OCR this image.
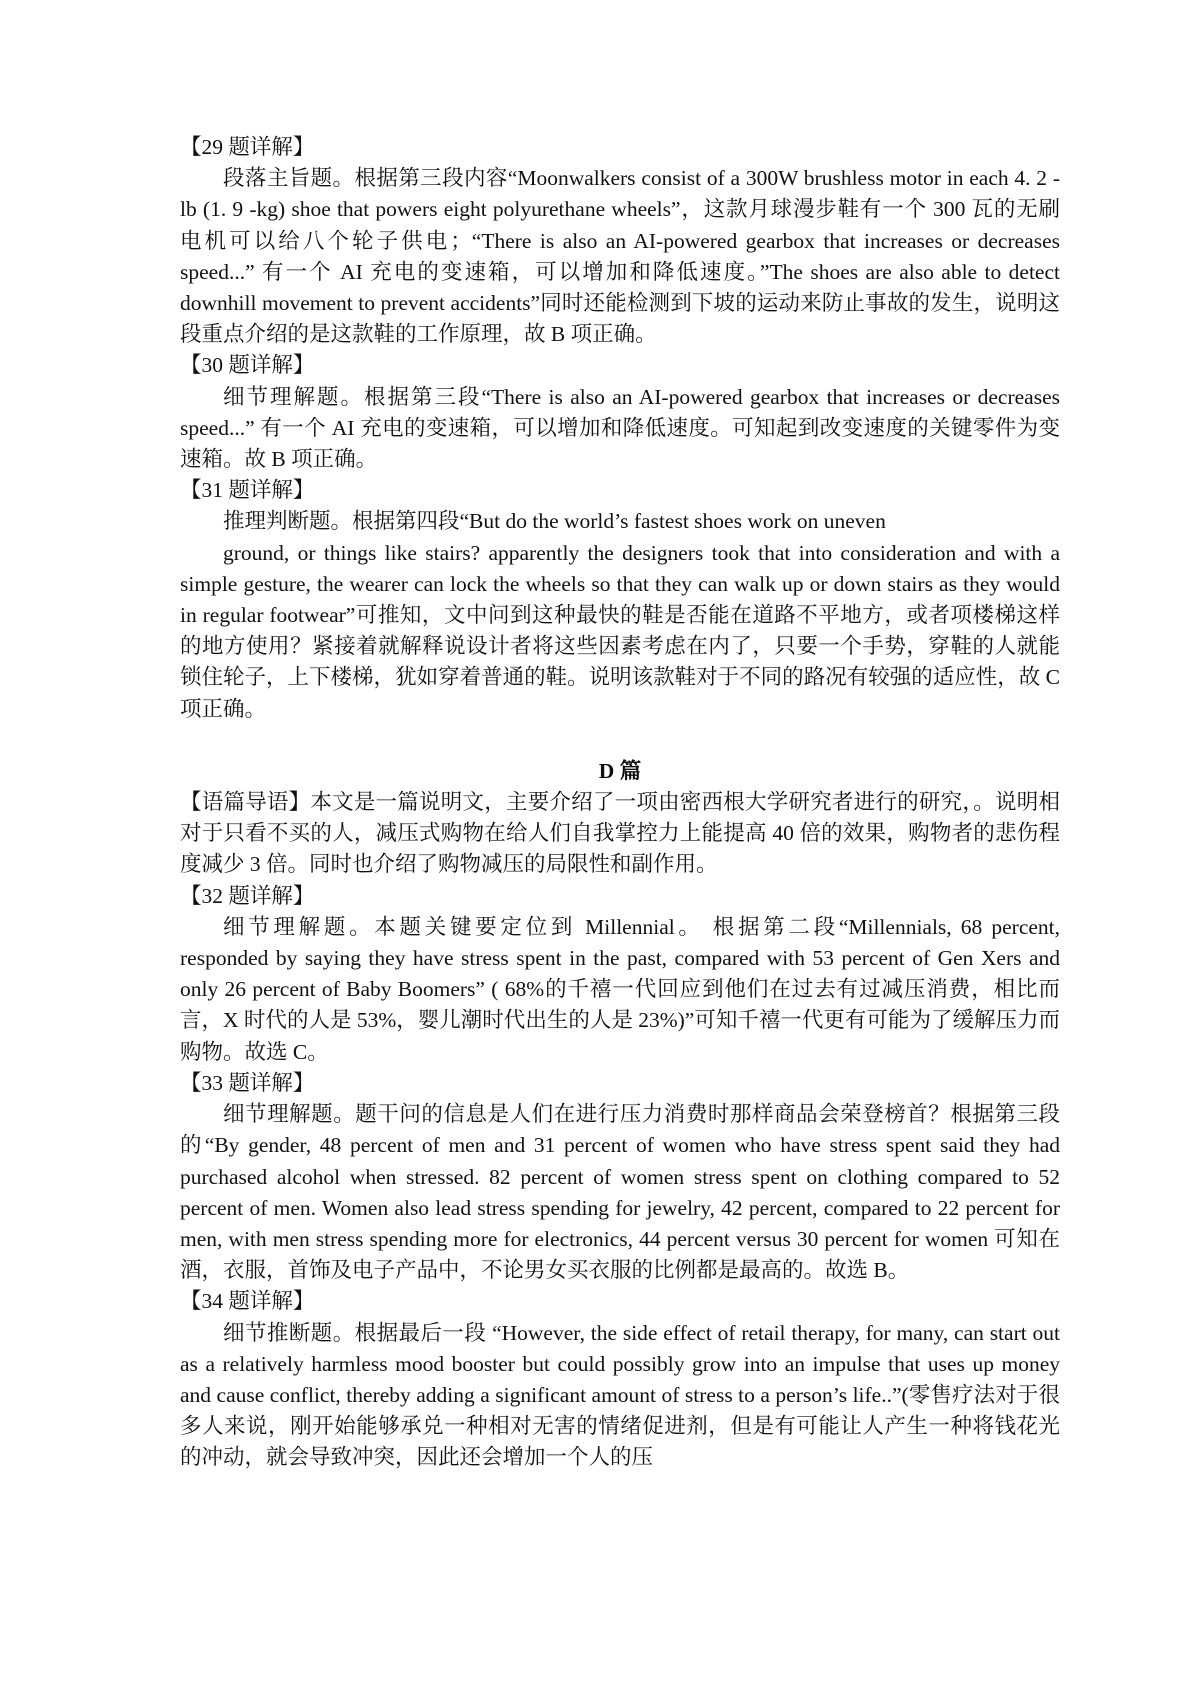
【29 题详解】

段落主旨题。根据第三段内容“Moonwalkers consist of a 300W brushless motor in each 4. 2 -lb (1. 9 -kg) shoe that powers eight polyurethane wheels”，这款月球漫步鞋有一个 300 瓦的无刷电机可以给八个轮子供电；“There is also an AI-powered gearbox that increases or decreases speed...” 有一个 AI 充电的变速箱，可以增加和降低速度。”The shoes are also able to detect downhill movement to prevent accidents”同时还能检测到下坡的运动来防止事故的发生，说明这段重点介绍的是这款鞋的工作原理，故 B 项正确。

【30 题详解】

细节理解题。根据第三段“There is also an AI-powered gearbox that increases or decreases speed...” 有一个 AI 充电的变速箱，可以增加和降低速度。可知起到改变速度的关键零件为变速箱。故 B 项正确。

【31 题详解】

推理判断题。根据第四段“But do the world’s fastest shoes work on uneven

ground, or things like stairs? apparently the designers took that into consideration and with a simple gesture, the wearer can lock the wheels so that they can walk up or down stairs as they would in regular footwear”可推知，文中问到这种最快的鞋是否能在道路不平地方，或者项楼梯这样的地方使用？紧接着就解释说设计者将这些因素考虑在内了，只要一个手势，穿鞋的人就能锁住轮子，上下楼梯，犹如穿着普通的鞋。说明该款鞋对于不同的路况有较强的适应性，故 C 项正确。

D 篇

【语篇导语】本文是一篇说明文，主要介绍了一项由密西根大学研究者进行的研究，。说明相对于只看不买的人，减压式购物在给人们自我掌控力上能提高 40 倍的效果，购物者的悲伤程度减少 3 倍。同时也介绍了购物减压的局限性和副作用。

【32 题详解】

细节理解题。本题关键要定位到 Millennial。 根据第二段“Millennials, 68 percent, responded by saying they have stress spent in the past, compared with 53 percent of Gen Xers and only 26 percent of Baby Boomers” ( 68%的千禧一代回应到他们在过去有过减压消费，相比而言，X 时代的人是 53%，婴儿潮时代出生的人是 23%)”可知千禧一代更有可能为了缓解压力而购物。故选 C。

【33 题详解】

细节理解题。题干问的信息是人们在进行压力消费时那样商品会荣登榜首？根据第三段的“By gender, 48 percent of men and 31 percent of women who have stress spent said they had purchased alcohol when stressed. 82 percent of women stress spent on clothing compared to 52 percent of men. Women also lead stress spending for jewelry, 42 percent, compared to 22 percent for men, with men stress spending more for electronics, 44 percent versus 30 percent for women 可知在酒，衣服，首饰及电子产品中，不论男女买衣服的比例都是最高的。故选 B。

【34 题详解】

细节推断题。根据最后一段 “However, the side effect of retail therapy, for many, can start out as a relatively harmless mood booster but could possibly grow into an impulse that uses up money and cause conflict, thereby adding a significant amount of stress to a person’s life..”(零售疗法对于很多人来说，刚开始能够承兑一种相对无害的情绪促进剂，但是有可能让人产生一种将钱花光的冲动，就会导致冲突，因此还会增加一个人的压
